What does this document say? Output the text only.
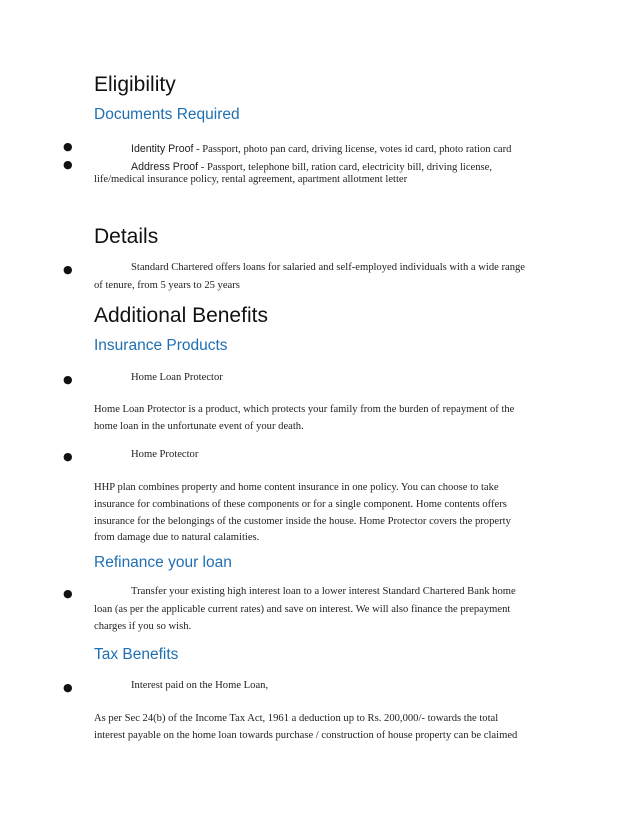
Eligibility
Documents Required
●	Identity Proof - Passport, photo pan card, driving license, votes id card, photo ration card
●	Address Proof - Passport, telephone bill, ration card, electricity bill, driving license,
life/medical insurance policy, rental agreement, apartment allotment letter
Details
●	Standard Chartered offers loans for salaried and self-employed individuals with a wide range
of tenure, from 5 years to 25 years
Additional Benefits
Insurance Products
●	Home Loan Protector
Home Loan Protector is a product, which protects your family from the burden of repayment of the
home loan in the unfortunate event of your death.
●	Home Protector
HHP plan combines property and home content insurance in one policy. You can choose to take
insurance for combinations of these components or for a single component. Home contents offers
insurance for the belongings of the customer inside the house. Home Protector covers the property
from damage due to natural calamities.
Refinance your loan
●	Transfer your existing high interest loan to a lower interest Standard Chartered Bank home
loan (as per the applicable current rates) and save on interest. We will also finance the prepayment
charges if you so wish.
Tax Benefits
●	Interest paid on the Home Loan,
As per Sec 24(b) of the Income Tax Act, 1961 a deduction up to Rs. 200,000/- towards the total
interest payable on the home loan towards purchase / construction of house property can be claimed
